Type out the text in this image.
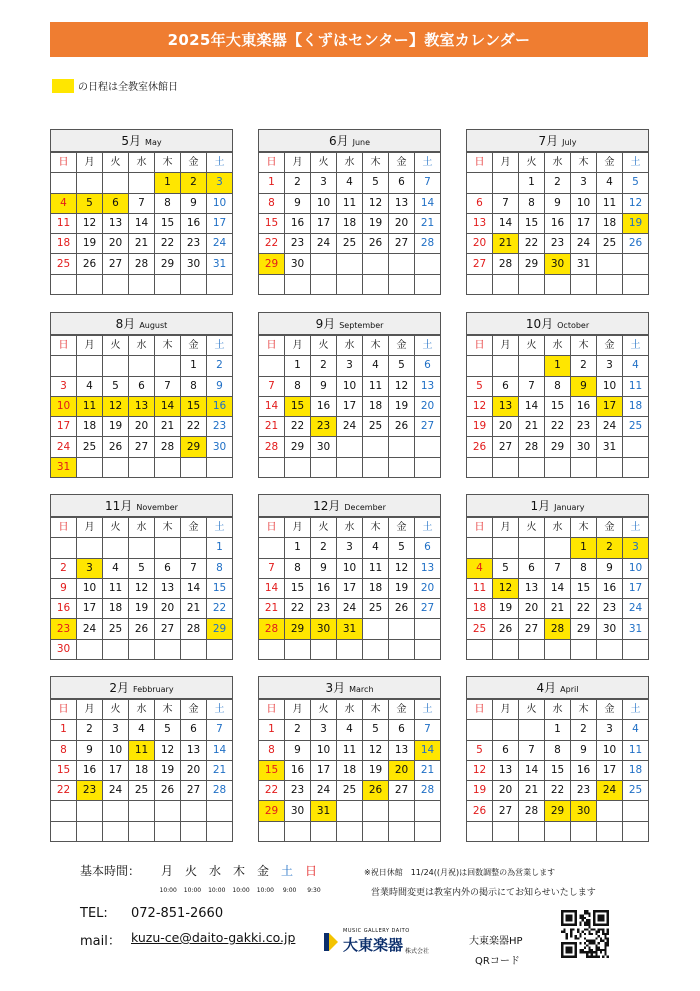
2025年大東楽器【くずはセンター】教室カレンダー
の日程は全教室休館日
5月 May
日	月	火	水	木	金	土
				1	2	3
4	5	6	7	8	9	10
11	12	13	14	15	16	17
18	19	20	21	22	23	24
25	26	27	28	29	30	31

6月 June
日	月	火	水	木	金	土
1	2	3	4	5	6	7
8	9	10	11	12	13	14
15	16	17	18	19	20	21
22	23	24	25	26	27	28
29	30					

7月 July
日	月	火	水	木	金	土
		1	2	3	4	5
6	7	8	9	10	11	12
13	14	15	16	17	18	19
20	21	22	23	24	25	26
27	28	29	30	31		

8月 August
日	月	火	水	木	金	土
					1	2
3	4	5	6	7	8	9
10	11	12	13	14	15	16
17	18	19	20	21	22	23
24	25	26	27	28	29	30
31						
9月 September
日	月	火	水	木	金	土
	1	2	3	4	5	6
7	8	9	10	11	12	13
14	15	16	17	18	19	20
21	22	23	24	25	26	27
28	29	30				

10月 October
日	月	火	水	木	金	土
			1	2	3	4
5	6	7	8	9	10	11
12	13	14	15	16	17	18
19	20	21	22	23	24	25
26	27	28	29	30	31	

11月 November
日	月	火	水	木	金	土
						1
2	3	4	5	6	7	8
9	10	11	12	13	14	15
16	17	18	19	20	21	22
23	24	25	26	27	28	29
30						
12月 December
日	月	火	水	木	金	土
	1	2	3	4	5	6
7	8	9	10	11	12	13
14	15	16	17	18	19	20
21	22	23	24	25	26	27
28	29	30	31			

1月 January
日	月	火	水	木	金	土
				1	2	3
4	5	6	7	8	9	10
11	12	13	14	15	16	17
18	19	20	21	22	23	24
25	26	27	28	29	30	31

2月 Febbruary
日	月	火	水	木	金	土
1	2	3	4	5	6	7
8	9	10	11	12	13	14
15	16	17	18	19	20	21
22	23	24	25	26	27	28

3月 March
日	月	火	水	木	金	土
1	2	3	4	5	6	7
8	9	10	11	12	13	14
15	16	17	18	19	20	21
22	23	24	25	26	27	28
29	30	31				

4月 April
日	月	火	水	木	金	土
			1	2	3	4
5	6	7	8	9	10	11
12	13	14	15	16	17	18
19	20	21	22	23	24	25
26	27	28	29	30		

基本時間： 月 火 水 木 金 土 日
10:00	10:00	10:00	10:00	10:00	9:00	9:30
※祝日休館　11/24((月祝)は回数調整の為営業します
営業時間変更は教室内外の掲示にてお知らせいたします
TEL: 072-851-2660
mail： kuzu-ce@daito-gakki.co.jp	MUSIC GALLERY DAITO
大東楽器 株式会社
大東楽器HP
QRコード
